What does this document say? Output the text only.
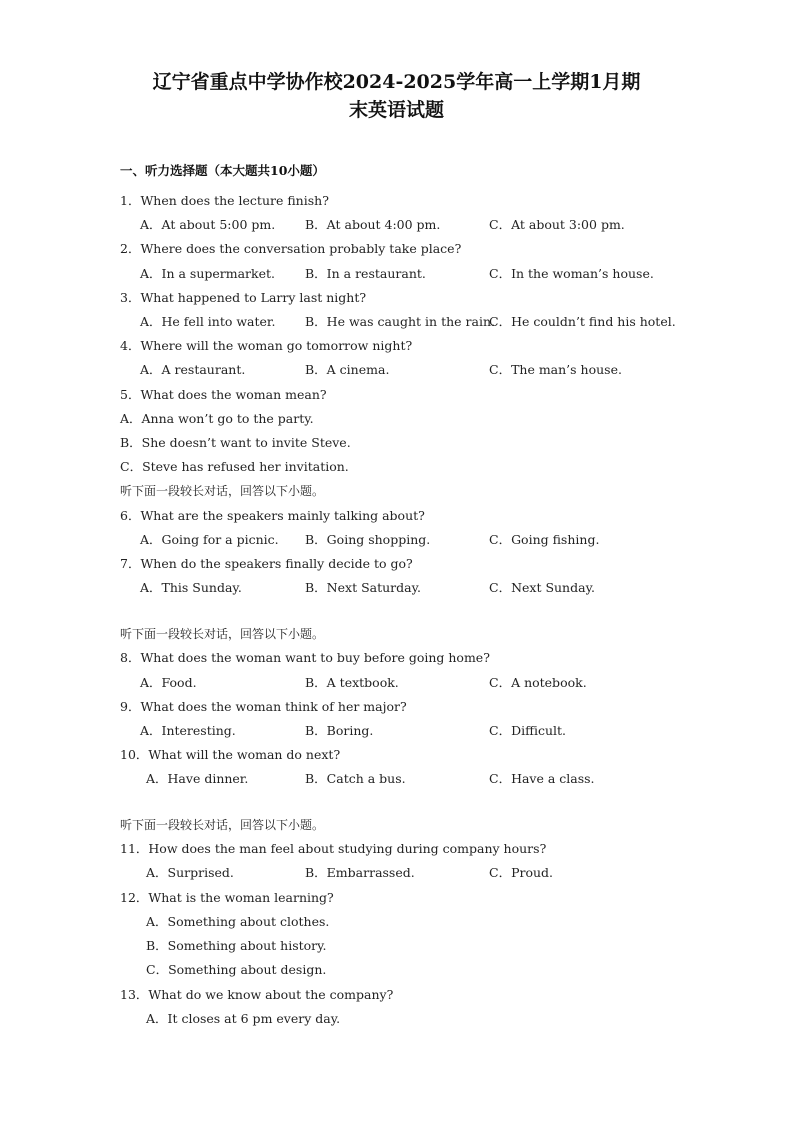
辽宁省重点中学协作校2024-2025学年高一上学期1月期
末英语试题
一、听力选择题（本大题共10小题）
1．When does the lecture finish?
A．At about 5:00 pm. B．At about 4:00 pm.	C．At about 3:00 pm.
2．Where does the conversation probably take place?
A．In a supermarket. B．In a restaurant.	C．In the woman’s house.
3．What happened to Larry last night?
A．He fell into water. B．He was caught in the rain.
C．He couldn’t find his hotel.
4．Where will the woman go tomorrow night?
A．A restaurant.	B．A cinema.	C．The man’s house.
5．What does the woman mean?
A．Anna won’t go to the party.
B．She doesn’t want to invite Steve.
C．Steve has refused her invitation.
听下面一段较长对话，回答以下小题。
6．What are the speakers mainly talking about?
A．Going for a picnic. B．Going shopping.	C．Going fishing.
7．When do the speakers finally decide to go?
A．This Sunday.	B．Next Saturday.	C．Next Sunday.
听下面一段较长对话，回答以下小题。
8．What does the woman want to buy before going home?
A．Food.	B．A textbook.	C．A notebook.
9．What does the woman think of her major?
A．Interesting.	B．Boring.	C．Difficult.
10．What will the woman do next?
A．Have dinner.	B．Catch a bus.	C．Have a class.
听下面一段较长对话，回答以下小题。
11．How does the man feel about studying during company hours?
A．Surprised.	B．Embarrassed.	C．Proud.
12．What is the woman learning?
A．Something about clothes.
B．Something about history.
C．Something about design.
13．What do we know about the company?
A．It closes at 6 pm every day.
